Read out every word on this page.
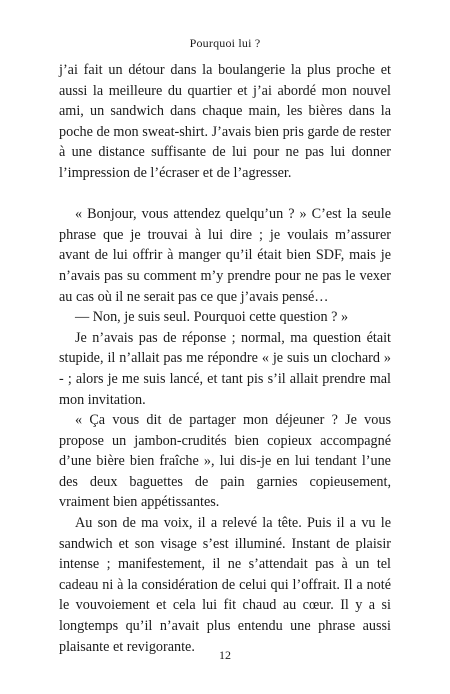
Pourquoi lui ?

j’ai fait un détour dans la boulangerie la plus proche et aussi la meilleure du quartier et j’ai abordé mon nouvel ami, un sandwich dans chaque main, les bières dans la poche de mon sweat-shirt. J’avais bien pris garde de rester à une distance suffisante de lui pour ne pas lui donner l’impression de l’écraser et de l’agresser.

« Bonjour, vous attendez quelqu’un ? » C’est la seule phrase que je trouvai à lui dire ; je voulais m’assurer avant de lui offrir à manger qu’il était bien SDF, mais je n’avais pas su comment m’y prendre pour ne pas le vexer au cas où il ne serait pas ce que j’avais pensé…

— Non, je suis seul. Pourquoi cette question ? »

Je n’avais pas de réponse ; normal, ma question était stupide, il n’allait pas me répondre « je suis un clochard » - ; alors je me suis lancé, et tant pis s’il allait prendre mal mon invitation.

« Ça vous dit de partager mon déjeuner ? Je vous propose un jambon-crudités bien copieux accompagné d’une bière bien fraîche », lui dis-je en lui tendant l’une des deux baguettes de pain garnies copieusement, vraiment bien appétissantes.

Au son de ma voix, il a relevé la tête. Puis il a vu le sandwich et son visage s’est illuminé. Instant de plaisir intense ; manifestement, il ne s’attendait pas à un tel cadeau ni à la considération de celui qui l’offrait. Il a noté le vouvoiement et cela lui fit chaud au cœur. Il y a si longtemps qu’il n’avait plus entendu une phrase aussi plaisante et revigorante.

12
